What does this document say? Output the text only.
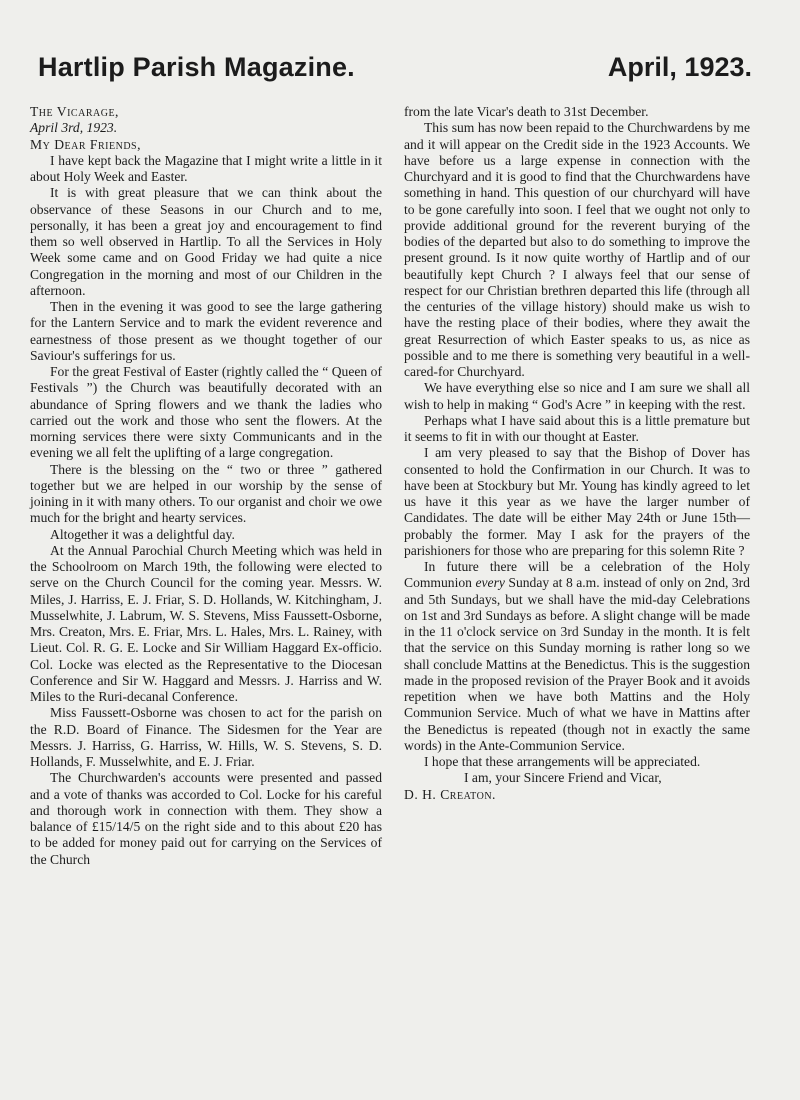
Hartlip Parish Magazine.	April, 1923.

The Vicarage,

April 3rd, 1923.

My Dear Friends,

I have kept back the Magazine that I might write a little in it about Holy Week and Easter.

It is with great pleasure that we can think about the observance of these Seasons in our Church and to me, personally, it has been a great joy and encouragement to find them so well observed in Hartlip. To all the Services in Holy Week some came and on Good Friday we had quite a nice Congregation in the morning and most of our Children in the afternoon.

Then in the evening it was good to see the large gathering for the Lantern Service and to mark the evident reverence and earnestness of those present as we thought together of our Saviour's sufferings for us.

For the great Festival of Easter (rightly called the “ Queen of Festivals ”) the Church was beautifully decorated with an abundance of Spring flowers and we thank the ladies who carried out the work and those who sent the flowers. At the morning services there were sixty Communicants and in the evening we all felt the uplifting of a large congregation.

There is the blessing on the “ two or three ” gathered together but we are helped in our worship by the sense of joining in it with many others. To our organist and choir we owe much for the bright and hearty services.

Altogether it was a delightful day.

At the Annual Parochial Church Meeting which was held in the Schoolroom on March 19th, the following were elected to serve on the Church Council for the coming year. Messrs. W. Miles, J. Harriss, E. J. Friar, S. D. Hollands, W. Kitchingham, J. Musselwhite, J. Labrum, W. S. Stevens, Miss Faussett-Osborne, Mrs. Creaton, Mrs. E. Friar, Mrs. L. Hales, Mrs. L. Rainey, with Lieut. Col. R. G. E. Locke and Sir William Haggard Ex-officio. Col. Locke was elected as the Representative to the Diocesan Conference and Sir W. Haggard and Messrs. J. Harriss and W. Miles to the Ruri-decanal Conference.

Miss Faussett-Osborne was chosen to act for the parish on the R.D. Board of Finance. The Sidesmen for the Year are Messrs. J. Harriss, G. Harriss, W. Hills, W. S. Stevens, S. D. Hollands, F. Musselwhite, and E. J. Friar.

The Churchwarden's accounts were presented and passed and a vote of thanks was accorded to Col. Locke for his careful and thorough work in connection with them. They show a balance of £15/14/5 on the right side and to this about £20 has to be added for money paid out for carrying on the Services of the Church

from the late Vicar's death to 31st December.

This sum has now been repaid to the Churchwardens by me and it will appear on the Credit side in the 1923 Accounts. We have before us a large expense in connection with the Churchyard and it is good to find that the Churchwardens have something in hand. This question of our churchyard will have to be gone carefully into soon. I feel that we ought not only to provide additional ground for the reverent burying of the bodies of the departed but also to do something to improve the present ground. Is it now quite worthy of Hartlip and of our beautifully kept Church ? I always feel that our sense of respect for our Christian brethren departed this life (through all the centuries of the village history) should make us wish to have the resting place of their bodies, where they await the great Resurrection of which Easter speaks to us, as nice as possible and to me there is something very beautiful in a well-cared-for Churchyard.

We have everything else so nice and I am sure we shall all wish to help in making “ God's Acre ” in keeping with the rest.

Perhaps what I have said about this is a little premature but it seems to fit in with our thought at Easter.

I am very pleased to say that the Bishop of Dover has consented to hold the Confirmation in our Church. It was to have been at Stockbury but Mr. Young has kindly agreed to let us have it this year as we have the larger number of Candidates. The date will be either May 24th or June 15th—probably the former. May I ask for the prayers of the parishioners for those who are preparing for this solemn Rite ?

In future there will be a celebration of the Holy Communion every Sunday at 8 a.m. instead of only on 2nd, 3rd and 5th Sundays, but we shall have the mid-day Celebrations on 1st and 3rd Sundays as before. A slight change will be made in the 11 o'clock service on 3rd Sunday in the month. It is felt that the service on this Sunday morning is rather long so we shall conclude Mattins at the Benedictus. This is the suggestion made in the proposed revision of the Prayer Book and it avoids repetition when we have both Mattins and the Holy Communion Service. Much of what we have in Mattins after the Benedictus is repeated (though not in exactly the same words) in the Ante-Communion Service.

I hope that these arrangements will be appreciated.

I am, your Sincere Friend and Vicar,

D. H. Creaton.
